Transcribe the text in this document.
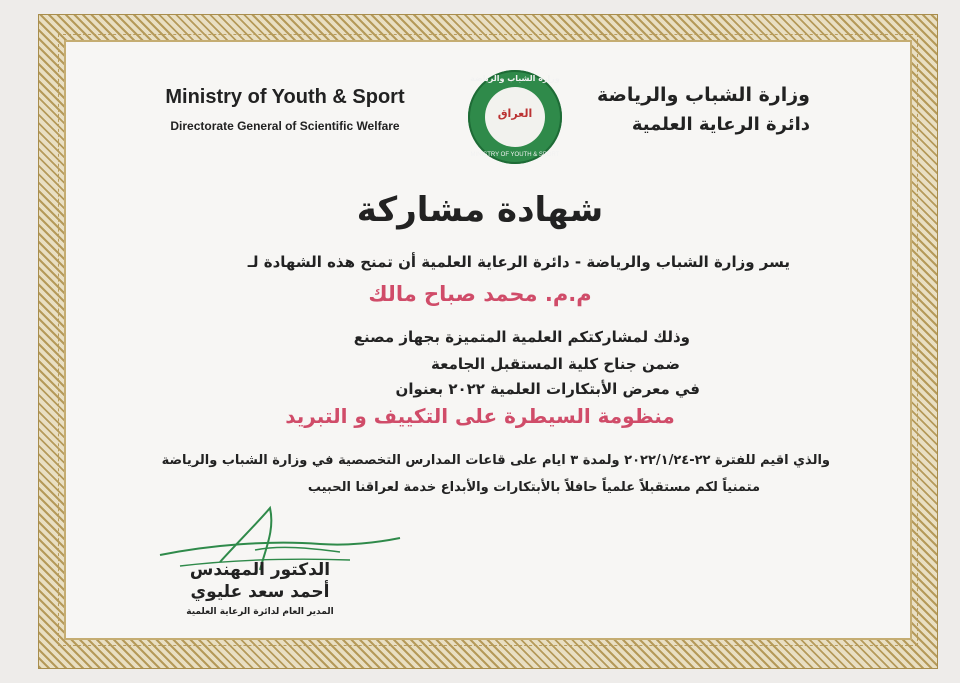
Ministry of Youth & Sport
Directorate General of Scientific Welfare
وزارة الشباب والرياضة
العراق
MINISTRY OF YOUTH & SPORT
وزارة الشباب والرياضة
دائرة الرعاية العلمية
شهادة مشاركة
يسر وزارة الشباب والرياضة - دائرة الرعاية العلمية أن تمنح هذه الشهادة لـ
م.م. محمد صباح مالك
وذلك لمشاركتكم العلمية المتميزة بجهاز مصنع
ضمن جناح كلية المستقبل الجامعة
في معرض الأبتكارات العلمية ٢٠٢٢ بعنوان
منظومة السيطرة على التكييف و التبريد
والذي اقيم للفترة ٢٢-٢٠٢٢/١/٢٤ ولمدة ٣ ايام على قاعات المدارس التخصصية في وزارة الشباب والرياضة
متمنياً لكم مستقبلاً علمياً حافلاً بالأبتكارات والأبداع خدمة لعراقنا الحبيب
الدكتور المهندس
أحمد سعد عليوي
المدير العام لدائرة الرعاية العلمية
